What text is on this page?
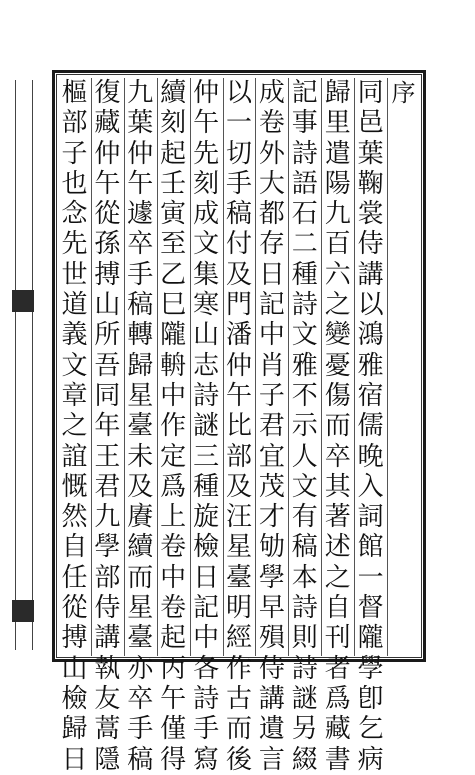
序
同
邑
葉
鞠
裳
侍
講
以
鴻
雅
宿
儒
晚
入
詞
館
一
督
隴
學
卽
乞
病
歸
里
遣
陽
九
百
六
之
變
憂
傷
而
卒
其
著
述
之
自
刊
者
爲
藏
書
記
事
詩
語
石
二
種
詩
文
雅
不
示
人
文
有
稿
本
詩
則
詩
謎
另
綴
成
卷
外
大
都
存
日
記
中
肖
子
君
宜
茂
才
劬
學
早
殞
侍
講
遺
言
以
一
切
手
稿
付
及
門
潘
仲
午
比
部
及
汪
星
臺
明
經
作
古
而
後
仲
午
先
刻
成
文
集
寒
山
志
詩
謎
三
種
旋
檢
日
記
中
各
詩
手
寫
續
刻
起
壬
寅
至
乙
巳
隴
輈
中
作
定
爲
上
卷
中
卷
起
丙
午
僅
得
九
葉
仲
午
遽
卒
手
稿
轉
歸
星
臺
未
及
賡
續
而
星
臺
亦
卒
手
稿
復
藏
仲
午
從
孫
搏
山
所
吾
同
年
王
君
九
學
部
侍
講
執
友
蒿
隱
樞
部
子
也
念
先
世
道
義
文
章
之
誼
慨
然
自
任
從
搏
山
檢
歸
日
